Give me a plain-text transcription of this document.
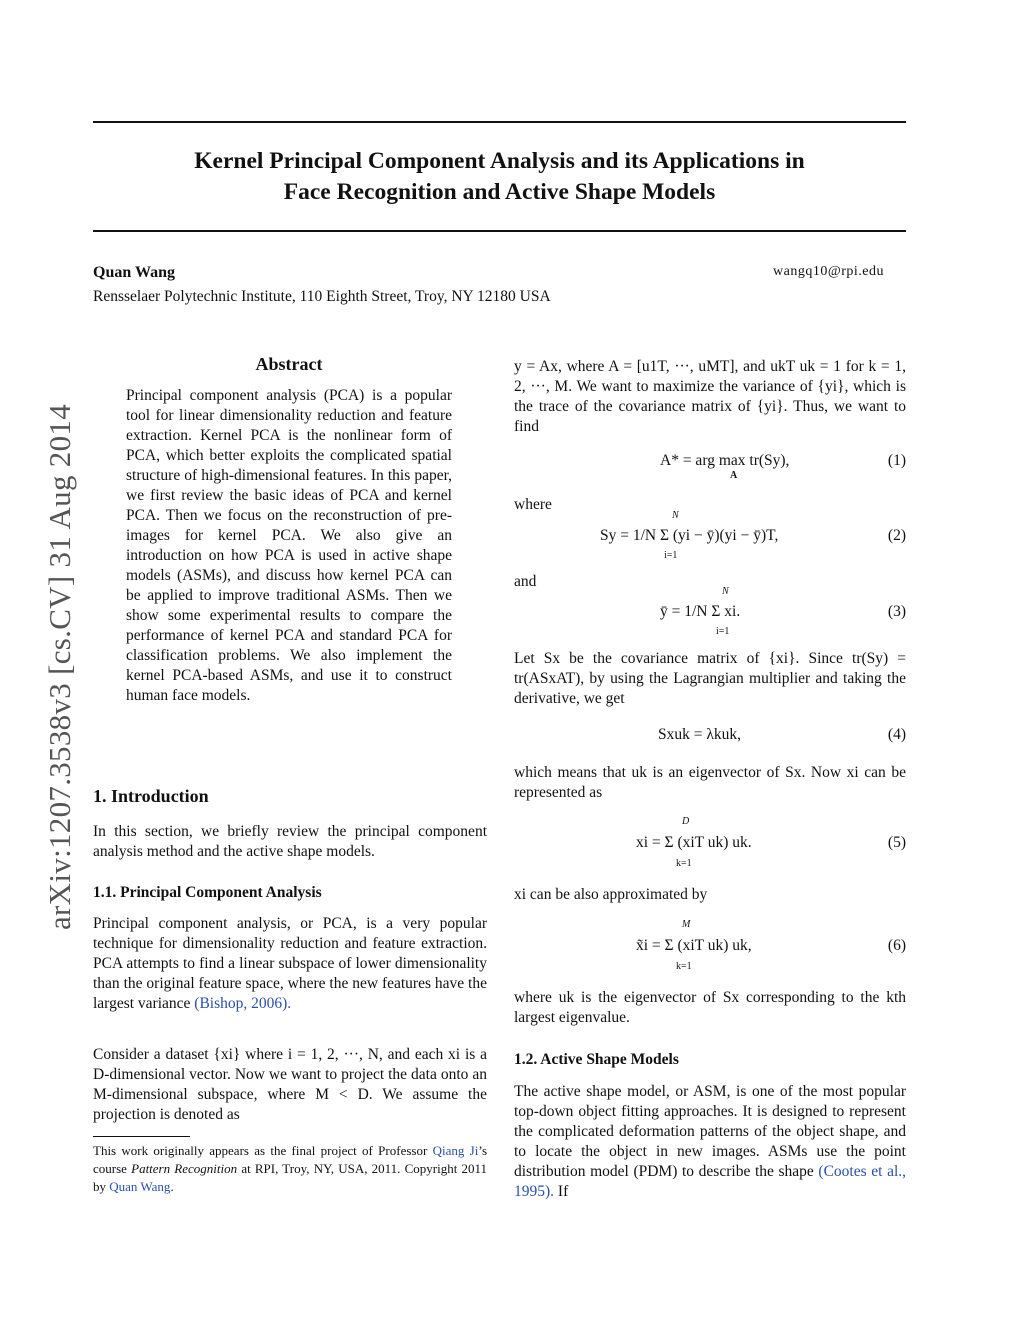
Kernel Principal Component Analysis and its Applications in
Face Recognition and Active Shape Models
Quan Wang	wangq10@rpi.edu
Rensselaer Polytechnic Institute, 110 Eighth Street, Troy, NY 12180 USA
arXiv:1207.3538v3 [cs.CV] 31 Aug 2014
Abstract

Principal component analysis (PCA) is a popular tool for linear dimensionality reduction and feature extraction. Kernel PCA is the nonlinear form of PCA, which better exploits the complicated spatial structure of high-dimensional features. In this paper, we first review the basic ideas of PCA and kernel PCA. Then we focus on the reconstruction of pre-images for kernel PCA. We also give an introduction on how PCA is used in active shape models (ASMs), and discuss how kernel PCA can be applied to improve traditional ASMs. Then we show some experimental results to compare the performance of kernel PCA and standard PCA for classification problems. We also implement the kernel PCA-based ASMs, and use it to construct human face models.

1. Introduction

In this section, we briefly review the principal component analysis method and the active shape models.

1.1. Principal Component Analysis

Principal component analysis, or PCA, is a very popular technique for dimensionality reduction and feature extraction. PCA attempts to find a linear subspace of lower dimensionality than the original feature space, where the new features have the largest variance (Bishop, 2006).

Consider a dataset {xi} where i = 1, 2, ···, N, and each xi is a D-dimensional vector. Now we want to project the data onto an M-dimensional subspace, where M < D. We assume the projection is denoted as

This work originally appears as the final project of Professor Qiang Ji’s course Pattern Recognition at RPI, Troy, NY, USA, 2011. Copyright 2011 by Quan Wang.

y = Ax, where A = [u1T, ···, uMT], and ukT uk = 1 for k = 1, 2, ···, M. We want to maximize the variance of {yi}, which is the trace of the covariance matrix of {yi}. Thus, we want to find

A* = arg max tr(Sy),
A
(1)
where
N
Sy = 1/N Σ (yi − ȳ)(yi − ȳ)T,
i=1
(2)
and
N
ȳ = 1/N Σ xi.
i=1
(3)

Let Sx be the covariance matrix of {xi}. Since tr(Sy) = tr(ASxAT), by using the Lagrangian multiplier and taking the derivative, we get

Sxuk = λkuk,	(4)

which means that uk is an eigenvector of Sx. Now xi can be represented as

D
xi = Σ (xiT uk) uk.
k=1
(5)
xi can be also approximated by
M
x̃i = Σ (xiT uk) uk,
k=1
(6)

where uk is the eigenvector of Sx corresponding to the kth largest eigenvalue.

1.2. Active Shape Models

The active shape model, or ASM, is one of the most popular top-down object fitting approaches. It is designed to represent the complicated deformation patterns of the object shape, and to locate the object in new images. ASMs use the point distribution model (PDM) to describe the shape (Cootes et al., 1995). If
